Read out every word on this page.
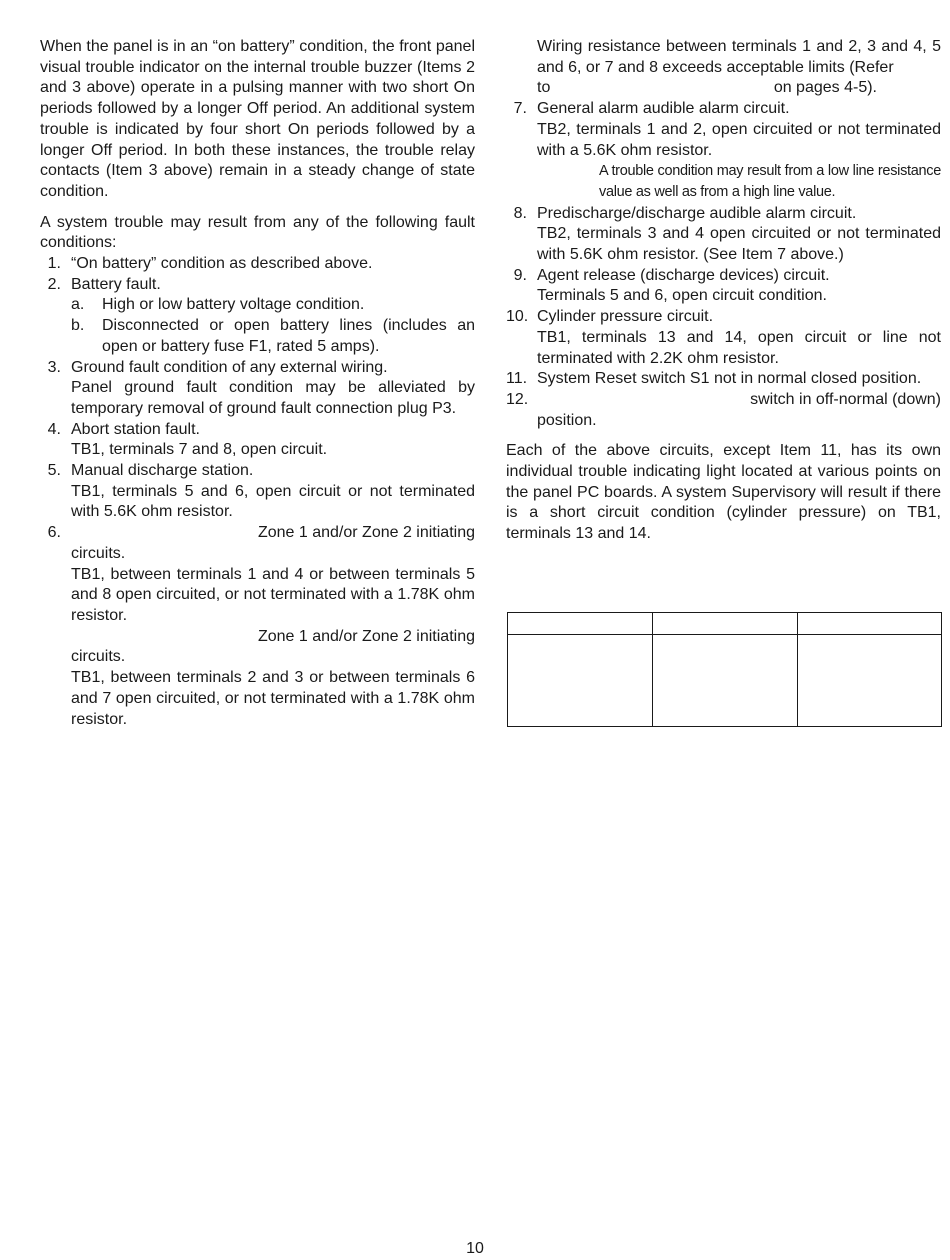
When the panel is in an “on battery” condition, the front panel visual trouble indicator on the internal trouble buzzer (Items 2 and 3 above) operate in a pulsing manner with two short On periods followed by a longer Off period. An additional system trouble is indicated by four short On periods followed by a longer Off period. In both these instances, the trouble relay contacts (Item 3 above) remain in a steady change of state condition.

A system trouble may result from any of the following fault conditions:

1. “On battery” condition as described above.
2. Battery fault.
a. High or low battery voltage condition.
b. Disconnected or open battery lines (includes an open or battery fuse F1, rated 5 amps).
3. Ground fault condition of any external wiring.

Panel ground fault condition may be alleviated by temporary removal of ground fault connection plug P3.

4. Abort station fault.

TB1, terminals 7 and 8, open circuit.

5. Manual discharge station.

TB1, terminals 5 and 6, open circuit or not terminated with 5.6K ohm resistor.

6.	Zone 1 and/or Zone 2 initiating

circuits.

TB1, between terminals 1 and 4 or between terminals 5 and 8 open circuited, or not terminated with a 1.78K ohm resistor.

Zone 1 and/or Zone 2 initiating

circuits.

TB1, between terminals 2 and 3 or between terminals 6 and 7 open circuited, or not terminated with a 1.78K ohm resistor.

Wiring resistance between terminals 1 and 2, 3 and 4, 5 and 6, or 7 and 8 exceeds acceptable limits (Refer

to	on pages 4-5).

7. General alarm audible alarm circuit.

TB2, terminals 1 and 2, open circuited or not terminated with a 5.6K ohm resistor.

A trouble condition may result from a low line resistance value as well as from a high line value.

8. Predischarge/discharge audible alarm circuit.

TB2, terminals 3 and 4 open circuited or not terminated with 5.6K ohm resistor. (See Item 7 above.)

9. Agent release (discharge devices) circuit.

Terminals 5 and 6, open circuit condition.

10. Cylinder pressure circuit.

TB1, terminals 13 and 14, open circuit or line not terminated with 2.2K ohm resistor.

11. System Reset switch S1 not in normal closed position.
12.	switch in off-normal (down)

position.

Each of the above circuits, except Item 11, has its own individual trouble indicating light located at various points on the panel PC boards. A system Supervisory will result if there is a short circuit condition (cylinder pressure) on TB1, terminals 13 and 14.

10
